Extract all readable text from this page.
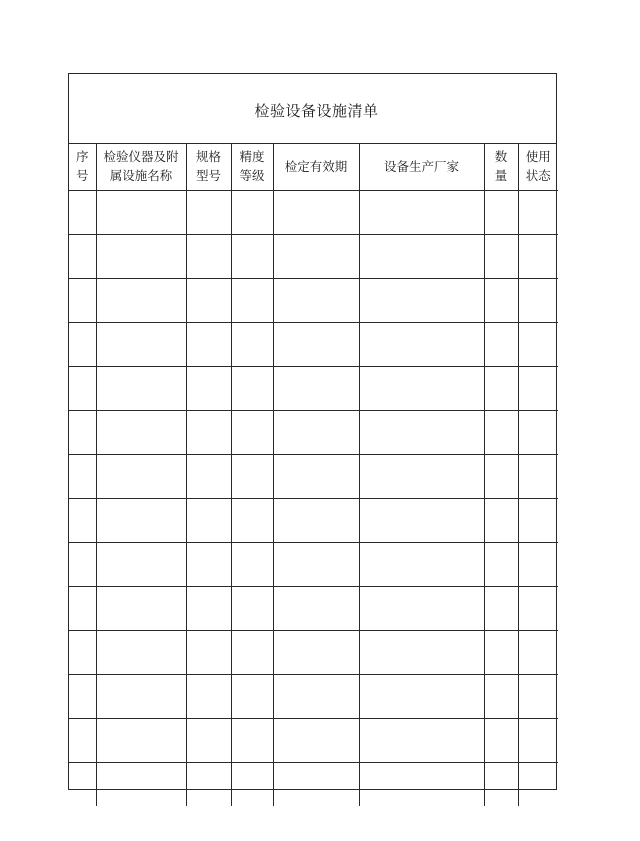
检验设备设施清单
序号	检验仪器及附属设施名称	规格型号	精度等级	检定有效期	设备生产厂家	数量	使用状态
